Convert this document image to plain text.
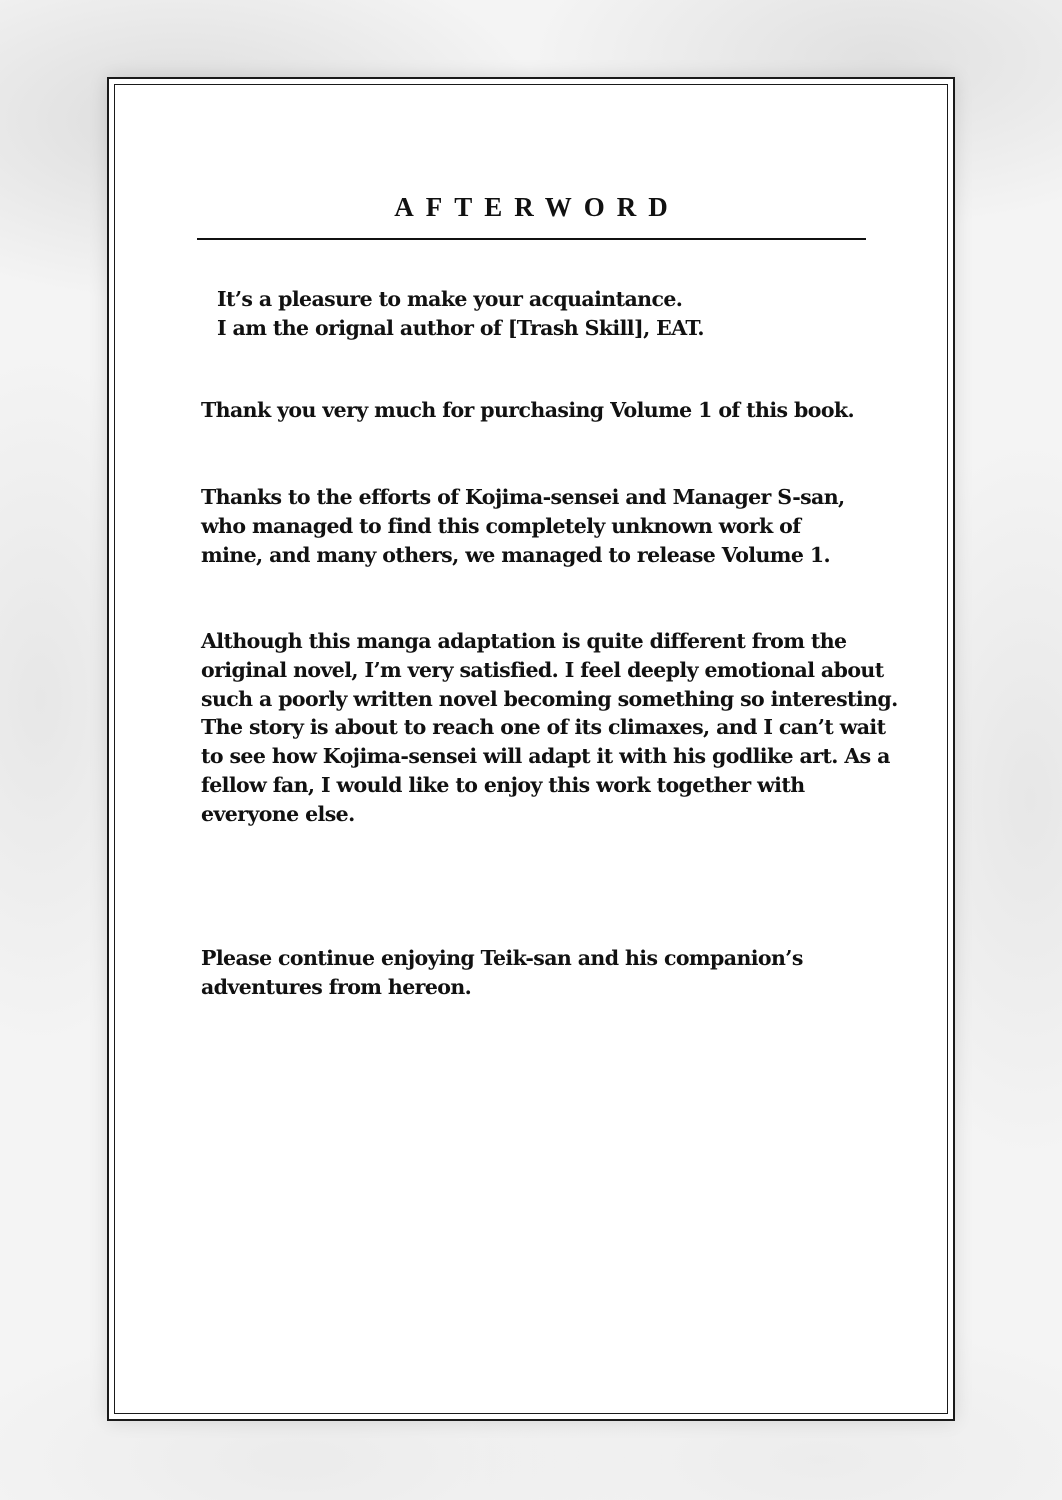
AFTERWORD
It’s a pleasure to make your acquaintance.
I am the orignal author of [Trash Skill], EAT.
Thank you very much for purchasing Volume 1 of this book.
Thanks to the efforts of Kojima-sensei and Manager S-san,
who managed to find this completely unknown work of
mine, and many others, we managed to release Volume 1.
Although this manga adaptation is quite different from the
original novel, I’m very satisfied. I feel deeply emotional about
such a poorly written novel becoming something so interesting.
The story is about to reach one of its climaxes, and I can’t wait
to see how Kojima-sensei will adapt it with his godlike art. As a
fellow fan, I would like to enjoy this work together with
everyone else.
Please continue enjoying Teik-san and his companion’s
adventures from hereon.
